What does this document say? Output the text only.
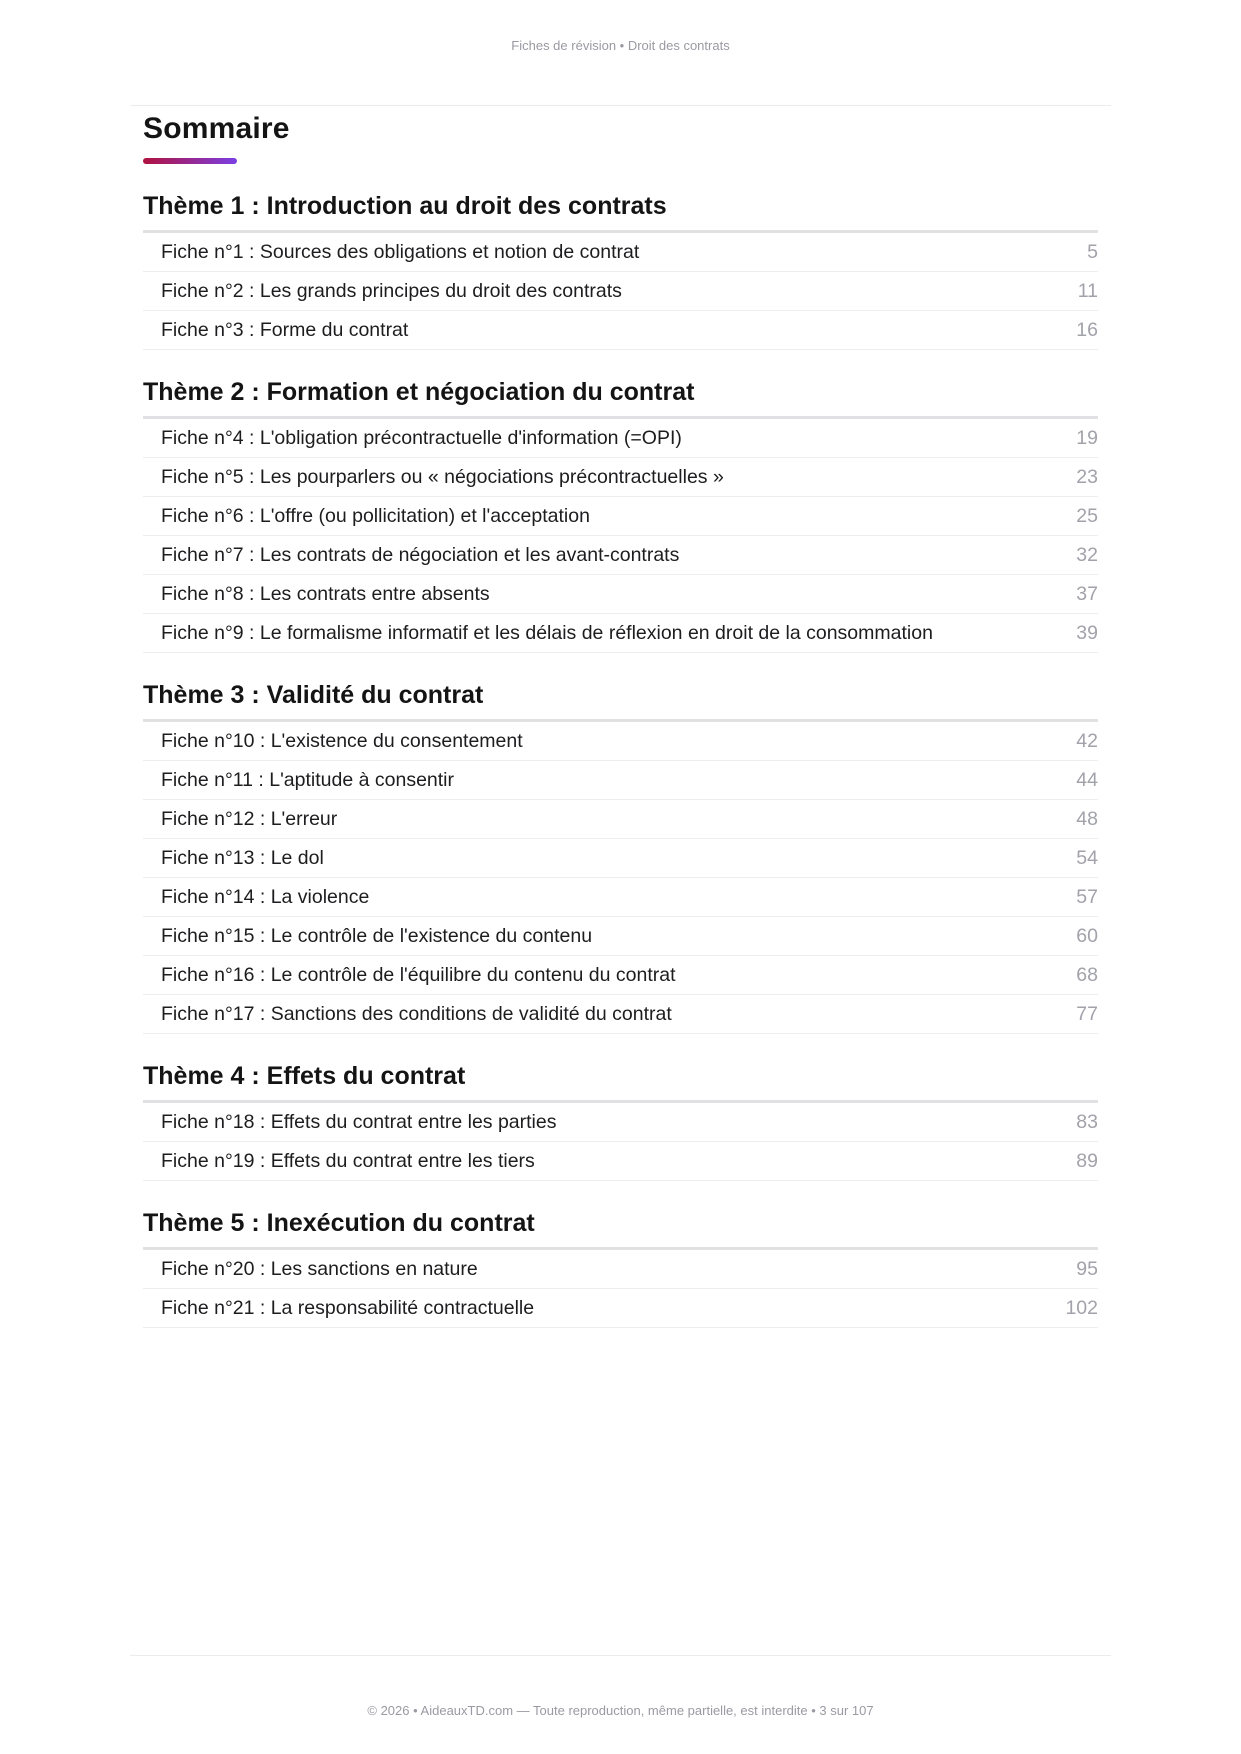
Fiches de révision • Droit des contrats
Sommaire
Thème 1 : Introduction au droit des contrats
Fiche n°1 : Sources des obligations et notion de contrat	5
Fiche n°2 : Les grands principes du droit des contrats	11
Fiche n°3 : Forme du contrat	16
Thème 2 : Formation et négociation du contrat
Fiche n°4 : L'obligation précontractuelle d'information (=OPI)	19
Fiche n°5 : Les pourparlers ou « négociations précontractuelles »	23
Fiche n°6 : L'offre (ou pollicitation) et l'acceptation	25
Fiche n°7 : Les contrats de négociation et les avant-contrats	32
Fiche n°8 : Les contrats entre absents	37
Fiche n°9 : Le formalisme informatif et les délais de réflexion en droit de la consommation	39
Thème 3 : Validité du contrat
Fiche n°10 : L'existence du consentement	42
Fiche n°11 : L'aptitude à consentir	44
Fiche n°12 : L'erreur	48
Fiche n°13 : Le dol	54
Fiche n°14 : La violence	57
Fiche n°15 : Le contrôle de l'existence du contenu	60
Fiche n°16 : Le contrôle de l'équilibre du contenu du contrat	68
Fiche n°17 : Sanctions des conditions de validité du contrat	77
Thème 4 : Effets du contrat
Fiche n°18 : Effets du contrat entre les parties	83
Fiche n°19 : Effets du contrat entre les tiers	89
Thème 5 : Inexécution du contrat
Fiche n°20 : Les sanctions en nature	95
Fiche n°21 : La responsabilité contractuelle	102
© 2026 • AideauxTD.com — Toute reproduction, même partielle, est interdite • 3 sur 107
